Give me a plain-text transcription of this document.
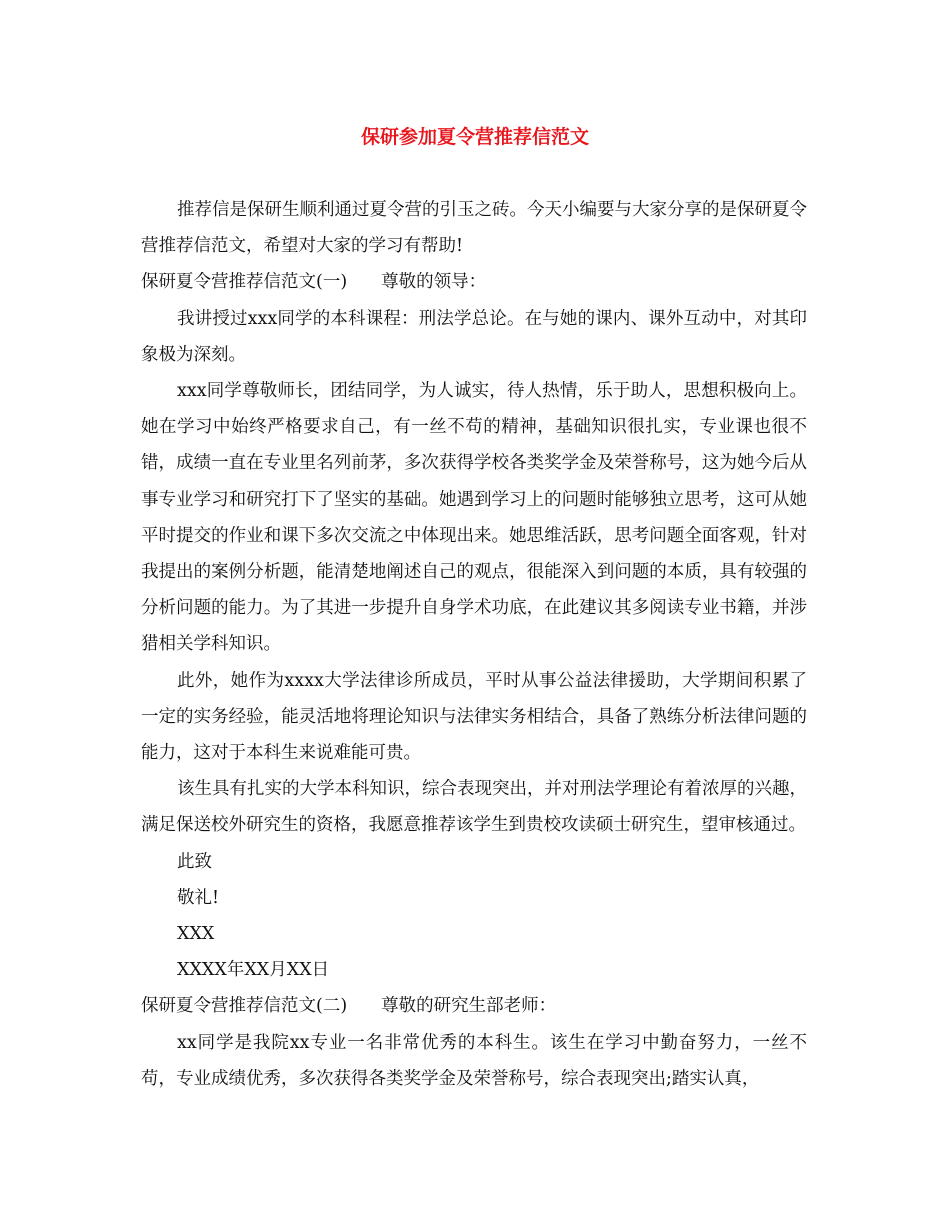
保研参加夏令营推荐信范文

推荐信是保研生顺利通过夏令营的引玉之砖。今天小编要与大家分享的是保研夏令营推荐信范文，希望对大家的学习有帮助!

保研夏令营推荐信范文(一) 尊敬的领导：

我讲授过xxx同学的本科课程：刑法学总论。在与她的课内、课外互动中，对其印象极为深刻。

xxx同学尊敬师长，团结同学，为人诚实，待人热情，乐于助人，思想积极向上。她在学习中始终严格要求自己，有一丝不苟的精神，基础知识很扎实，专业课也很不错，成绩一直在专业里名列前茅，多次获得学校各类奖学金及荣誉称号，这为她今后从事专业学习和研究打下了坚实的基础。她遇到学习上的问题时能够独立思考，这可从她平时提交的作业和课下多次交流之中体现出来。她思维活跃，思考问题全面客观，针对我提出的案例分析题，能清楚地阐述自己的观点，很能深入到问题的本质，具有较强的分析问题的能力。为了其进一步提升自身学术功底，在此建议其多阅读专业书籍，并涉猎相关学科知识。

此外，她作为xxxx大学法律诊所成员，平时从事公益法律援助，大学期间积累了一定的实务经验，能灵活地将理论知识与法律实务相结合，具备了熟练分析法律问题的能力，这对于本科生来说难能可贵。

该生具有扎实的大学本科知识，综合表现突出，并对刑法学理论有着浓厚的兴趣，满足保送校外研究生的资格，我愿意推荐该学生到贵校攻读硕士研究生，望审核通过。

此致

敬礼!

XXX

XXXX年XX月XX日

保研夏令营推荐信范文(二) 尊敬的研究生部老师：

xx同学是我院xx专业一名非常优秀的本科生。该生在学习中勤奋努力，一丝不苟，专业成绩优秀，多次获得各类奖学金及荣誉称号，综合表现突出;踏实认真，
